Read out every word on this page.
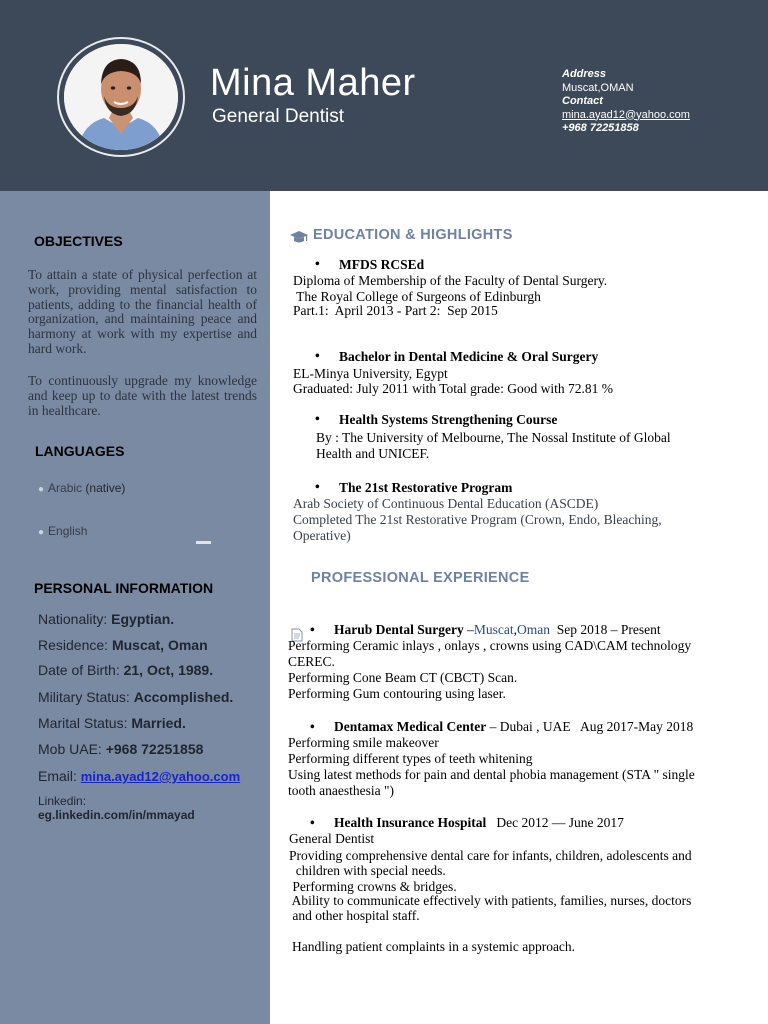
Mina Maher
General Dentist
Address
Muscat,OMAN
Contact
mina.ayad12@yahoo.com
+968 72251858
OBJECTIVES
To attain a state of physical perfection at work, providing mental satisfaction to patients, adding to the financial health of organization, and maintaining peace and harmony at work with my expertise and hard work.
To continuously upgrade my knowledge and keep up to date with the latest trends in healthcare.
LANGUAGES
● Arabic (native)
● English
PERSONAL INFORMATION
Nationality: Egyptian.
Residence: Muscat, Oman
Date of Birth: 21, Oct, 1989.
Military Status: Accomplished.
Marital Status: Married.
Mob UAE: +968 72251858
Email: mina.ayad12@yahoo.com
Linkedin:
eg.linkedin.com/in/mmayad
EDUCATION & HIGHLIGHTS
• MFDS RCSEd
Diploma of Membership of the Faculty of Dental Surgery.
The Royal College of Surgeons of Edinburgh
Part.1:  April 2013 - Part 2:  Sep 2015
• Bachelor in Dental Medicine & Oral Surgery
EL-Minya University, Egypt
Graduated: July 2011 with Total grade: Good with 72.81 %
• Health Systems Strengthening Course
By : The University of Melbourne, The Nossal Institute of Global
Health and UNICEF.
• The 21st Restorative Program
Arab Society of Continuous Dental Education (ASCDE)
Completed The 21st Restorative Program (Crown, Endo, Bleaching,
Operative)
PROFESSIONAL EXPERIENCE
• Harub Dental Surgery –Muscat,Oman  Sep 2018 – Present
Performing Ceramic inlays , onlays , crowns using CAD\CAM technology
CEREC.
Performing Cone Beam CT (CBCT) Scan.
Performing Gum contouring using laser.
• Dentamax Medical Center – Dubai , UAE   Aug 2017-May 2018
Performing smile makeover
Performing different types of teeth whitening
Using latest methods for pain and dental phobia management (STA " single
tooth anaesthesia ")
• Health Insurance Hospital   Dec 2012 — June 2017
General Dentist
Providing comprehensive dental care for infants, children, adolescents and
children with special needs.
Performing crowns & bridges.
Ability to communicate effectively with patients, families, nurses, doctors
and other hospital staff.
Handling patient complaints in a systemic approach.
